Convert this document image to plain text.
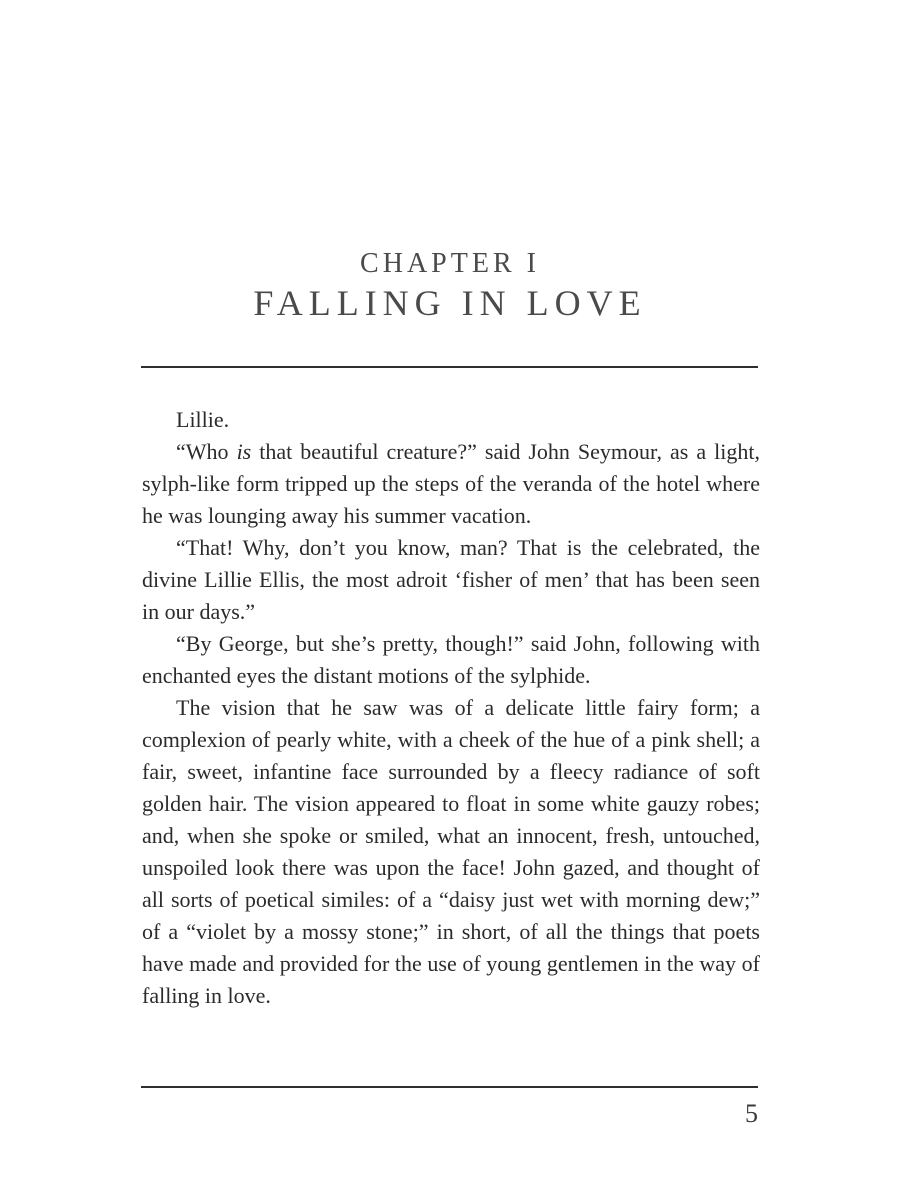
CHAPTER I
FALLING IN LOVE

Lillie.

“Who is that beautiful creature?” said John Seymour, as a light, sylph-like form tripped up the steps of the veranda of the hotel where he was lounging away his summer vacation.

“That! Why, don’t you know, man? That is the celebrated, the divine Lillie Ellis, the most adroit ‘fisher of men’ that has been seen in our days.”

“By George, but she’s pretty, though!” said John, following with enchanted eyes the distant motions of the sylphide.

The vision that he saw was of a delicate little fairy form; a complexion of pearly white, with a cheek of the hue of a pink shell; a fair, sweet, infantine face surrounded by a fleecy radiance of soft golden hair. The vision appeared to float in some white gauzy robes; and, when she spoke or smiled, what an innocent, fresh, untouched, unspoiled look there was upon the face! John gazed, and thought of all sorts of poetical similes: of a “daisy just wet with morning dew;” of a “violet by a mossy stone;” in short, of all the things that poets have made and provided for the use of young gentlemen in the way of falling in love.

5
